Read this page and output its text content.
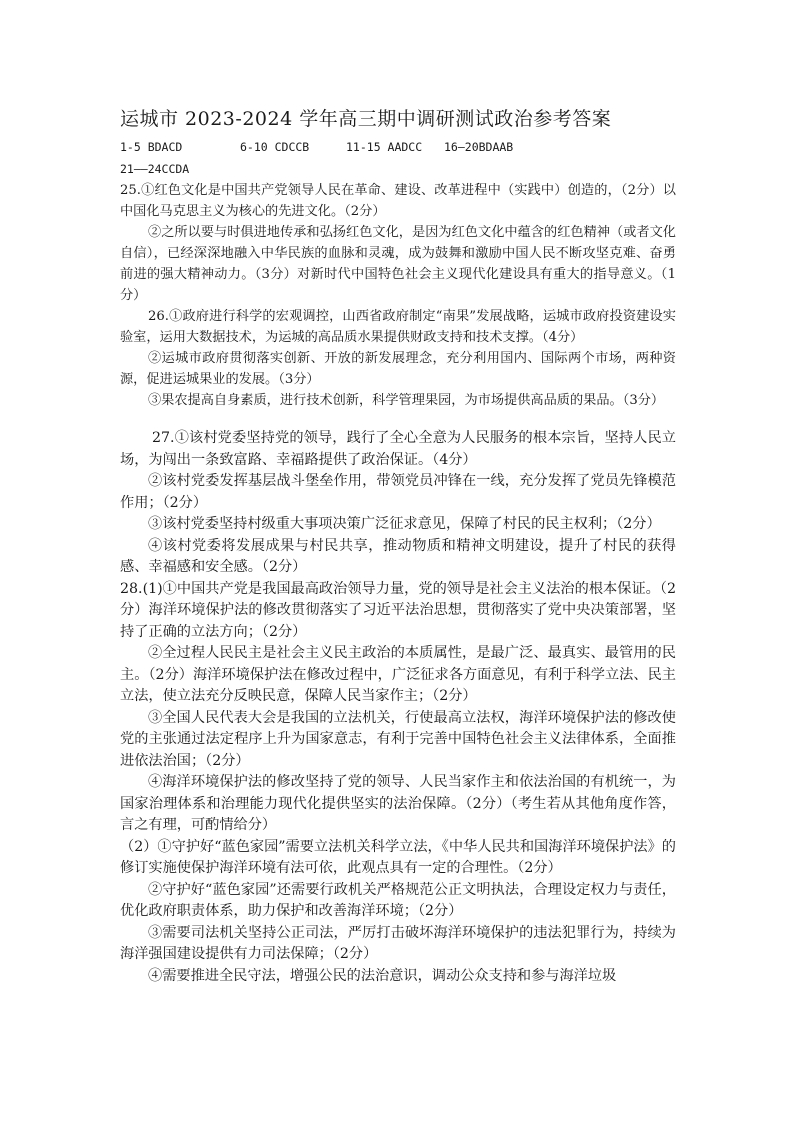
运城市 2023-2024 学年高三期中调研测试政治参考答案
1-5 BDACD	6-10 CDCCB	11-15 AADCC 16—20BDAAB
21——24CCDA

25.①红色文化是中国共产党领导人民在革命、建设、改革进程中（实践中）创造的，（2分）以中国化马克思主义为核心的先进文化。（2分）

②之所以要与时俱进地传承和弘扬红色文化，是因为红色文化中蕴含的红色精神（或者文化自信），已经深深地融入中华民族的血脉和灵魂，成为鼓舞和激励中国人民不断攻坚克难、奋勇前进的强大精神动力。（3分）对新时代中国特色社会主义现代化建设具有重大的指导意义。（1分）

26.①政府进行科学的宏观调控，山西省政府制定“南果”发展战略，运城市政府投资建设实验室，运用大数据技术，为运城的高品质水果提供财政支持和技术支撑。（4分）

②运城市政府贯彻落实创新、开放的新发展理念，充分利用国内、国际两个市场，两种资源，促进运城果业的发展。（3分）

③果农提高自身素质，进行技术创新，科学管理果园，为市场提供高品质的果品。（3分）

27.①该村党委坚持党的领导，践行了全心全意为人民服务的根本宗旨，坚持人民立场，为闯出一条致富路、幸福路提供了政治保证。（4分）

②该村党委发挥基层战斗堡垒作用，带领党员冲锋在一线，充分发挥了党员先锋模范作用；（2分）

③该村党委坚持村级重大事项决策广泛征求意见，保障了村民的民主权利；（2分）

④该村党委将发展成果与村民共享，推动物质和精神文明建设，提升了村民的获得感、幸福感和安全感。（2分）

28.(1)①中国共产党是我国最高政治领导力量，党的领导是社会主义法治的根本保证。（2分）海洋环境保护法的修改贯彻落实了习近平法治思想，贯彻落实了党中央决策部署，坚持了正确的立法方向；（2分）

②全过程人民民主是社会主义民主政治的本质属性，是最广泛、最真实、最管用的民主。（2分）海洋环境保护法在修改过程中，广泛征求各方面意见，有利于科学立法、民主立法，使立法充分反映民意，保障人民当家作主；（2分）

③全国人民代表大会是我国的立法机关，行使最高立法权，海洋环境保护法的修改使党的主张通过法定程序上升为国家意志，有利于完善中国特色社会主义法律体系，全面推进依法治国；（2分）

④海洋环境保护法的修改坚持了党的领导、人民当家作主和依法治国的有机统一，为国家治理体系和治理能力现代化提供坚实的法治保障。（2分）（考生若从其他角度作答，言之有理，可酌情给分）

（2）①守护好“蓝色家园”需要立法机关科学立法，《中华人民共和国海洋环境保护法》的修订实施使保护海洋环境有法可依，此观点具有一定的合理性。（2分）

②守护好“蓝色家园”还需要行政机关严格规范公正文明执法，合理设定权力与责任，优化政府职责体系，助力保护和改善海洋环境；（2分）

③需要司法机关坚持公正司法，严厉打击破坏海洋环境保护的违法犯罪行为，持续为海洋强国建设提供有力司法保障；（2分）

④需要推进全民守法，增强公民的法治意识，调动公众支持和参与海洋垃圾
